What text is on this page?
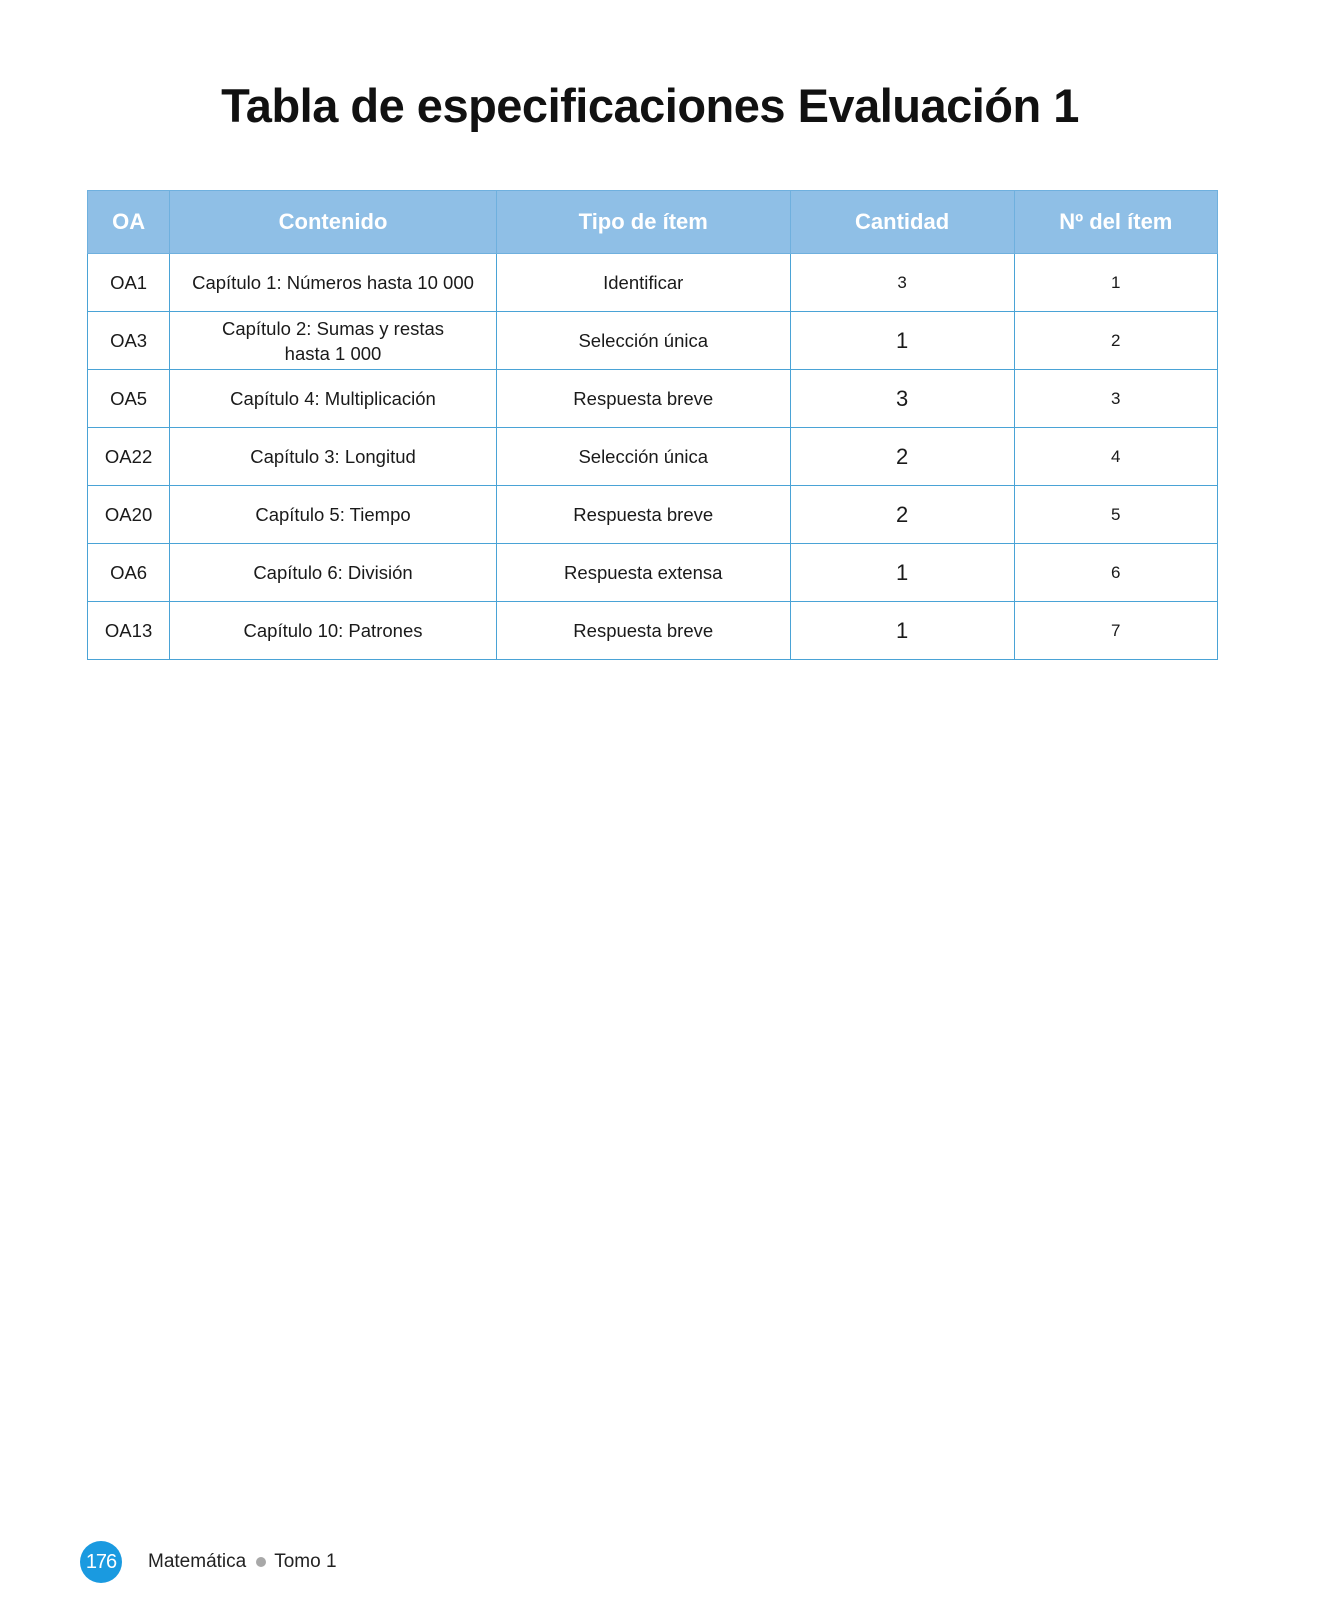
Tabla de especificaciones Evaluación 1
OA	Contenido	Tipo de ítem	Cantidad	Nº del ítem
OA1	Capítulo 1: Números hasta 10 000	Identificar	3	1
OA3	Capítulo 2: Sumas y restas hasta 1 000	Selección única	1	2
OA5	Capítulo 4: Multiplicación	Respuesta breve	3	3
OA22	Capítulo 3: Longitud	Selección única	2	4
OA20	Capítulo 5: Tiempo	Respuesta breve	2	5
OA6	Capítulo 6: División	Respuesta extensa	1	6
OA13	Capítulo 10: Patrones	Respuesta breve	1	7
176	Matemática Tomo 1
